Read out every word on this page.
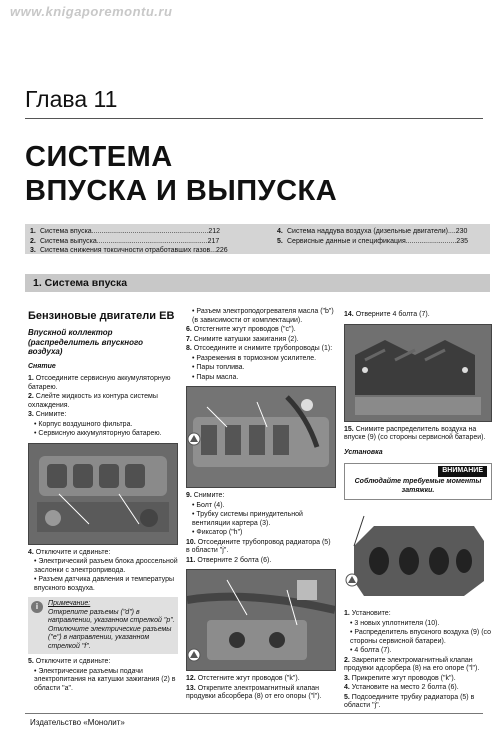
www.knigaporemontu.ru
Глава 11
СИСТЕМА
ВПУСКА И ВЫПУСКА
1. Система впуска............................................................212
2. Система выпуска.........................................................217
3. Система снижения токсичности отработавших газов...226
4. Система наддува воздуха (дизельные двигатели)....230
5. Сервисные данные и спецификация..........................235
1. Система впуска
Бензиновые двигатели EB
Впускной коллектор (распределитель впускного воздуха)
Снятие
1. Отсоедините сервисную аккумуляторную батарею.
2. Слейте жидкость из контура системы охлаждения.
3. Снимите:
• Корпус воздушного фильтра.
• Сервисную аккумуляторную батарею.
4. Отключите и сдвиньте:
• Электрический разъем блока дроссельной заслонки с электропривода.
• Разъем датчика давления и температуры впускного воздуха.
i	Примечание:
Открепите разъемы ("d") в направлении, указанном стрелкой "p". Отключите электрические разъемы ("e") в направлении, указанном стрелкой "f".
5. Отключите и сдвиньте:
• Электрические разъемы подачи электропитания на катушки зажигания (2) в области "a".
• Разъем электроподогревателя масла ("b") (в зависимости от комплектации).
6. Отстегните жгут проводов ("c").
7. Снимите катушки зажигания (2).
8. Отсоедините и снимите трубопроводы (1):
• Разрежения в тормозном усилителе.
• Пары топлива.
• Пары масла.
9. Снимите:
• Болт (4).
• Трубку системы принудительной вентиляции картера (3).
• Фиксатор ("h")
10. Отсоедините трубопровод радиатора (5) в области "j".
11. Отверните 2 болта (6).
12. Отстегните жгут проводов ("k").
13. Открепите электромагнитный клапан продувки абсорбера (8) от его опоры ("l").
14. Отверните 4 болта (7).
15. Снимите распределитель воздуха на впуске (9) (со стороны сервисной батареи).
Установка
ВНИМАНИЕ
Соблюдайте требуемые моменты затяжки.
1. Установите:
• 3 новых уплотнителя (10).
• Распределитель впускного воздуха (9) (со стороны сервисной батареи).
• 4 болта (7).
2. Закрепите электромагнитный клапан продувки адсорбера (8) на его опоре ("l").
3. Прикрепите жгут проводов ("k").
4. Установите на место 2 болта (6).
5. Подсоедините трубку радиатора (5) в области "j".
Издательство «Монолит»
